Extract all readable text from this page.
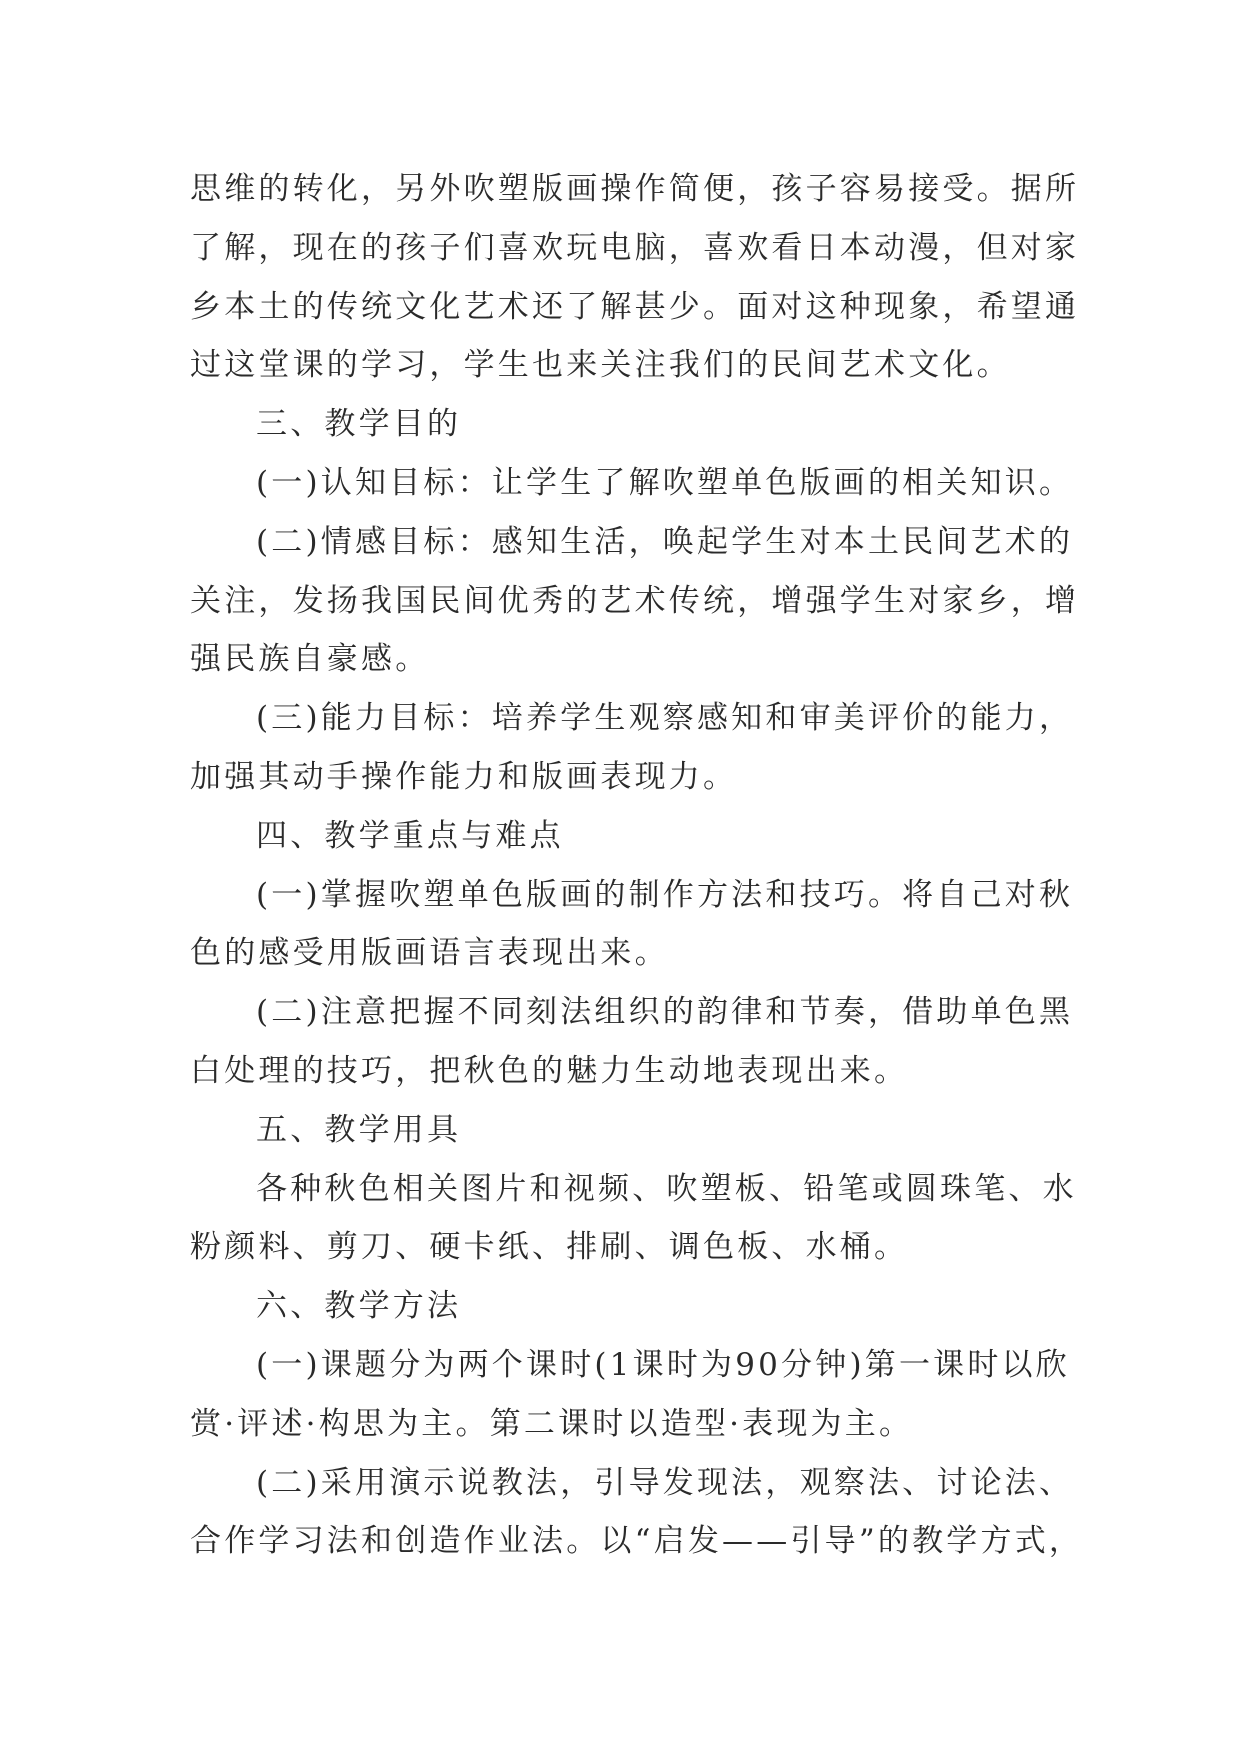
思维的转化，另外吹塑版画操作简便，孩子容易接受。据所
了解，现在的孩子们喜欢玩电脑，喜欢看日本动漫，但对家
乡本土的传统文化艺术还了解甚少。面对这种现象，希望通
过这堂课的学习，学生也来关注我们的民间艺术文化。
三、教学目的
(一)认知目标：让学生了解吹塑单色版画的相关知识。
(二)情感目标：感知生活，唤起学生对本土民间艺术的
关注，发扬我国民间优秀的艺术传统，增强学生对家乡，增
强民族自豪感。
(三)能力目标：培养学生观察感知和审美评价的能力，
加强其动手操作能力和版画表现力。
四、教学重点与难点
(一)掌握吹塑单色版画的制作方法和技巧。将自己对秋
色的感受用版画语言表现出来。
(二)注意把握不同刻法组织的韵律和节奏，借助单色黑
白处理的技巧，把秋色的魅力生动地表现出来。
五、教学用具
各种秋色相关图片和视频、吹塑板、铅笔或圆珠笔、水
粉颜料、剪刀、硬卡纸、排刷、调色板、水桶。
六、教学方法
(一)课题分为两个课时(1课时为90分钟)第一课时以欣
赏·评述·构思为主。第二课时以造型·表现为主。
(二)采用演示说教法，引导发现法，观察法、讨论法、
合作学习法和创造作业法。以“启发——引导”的教学方式，
